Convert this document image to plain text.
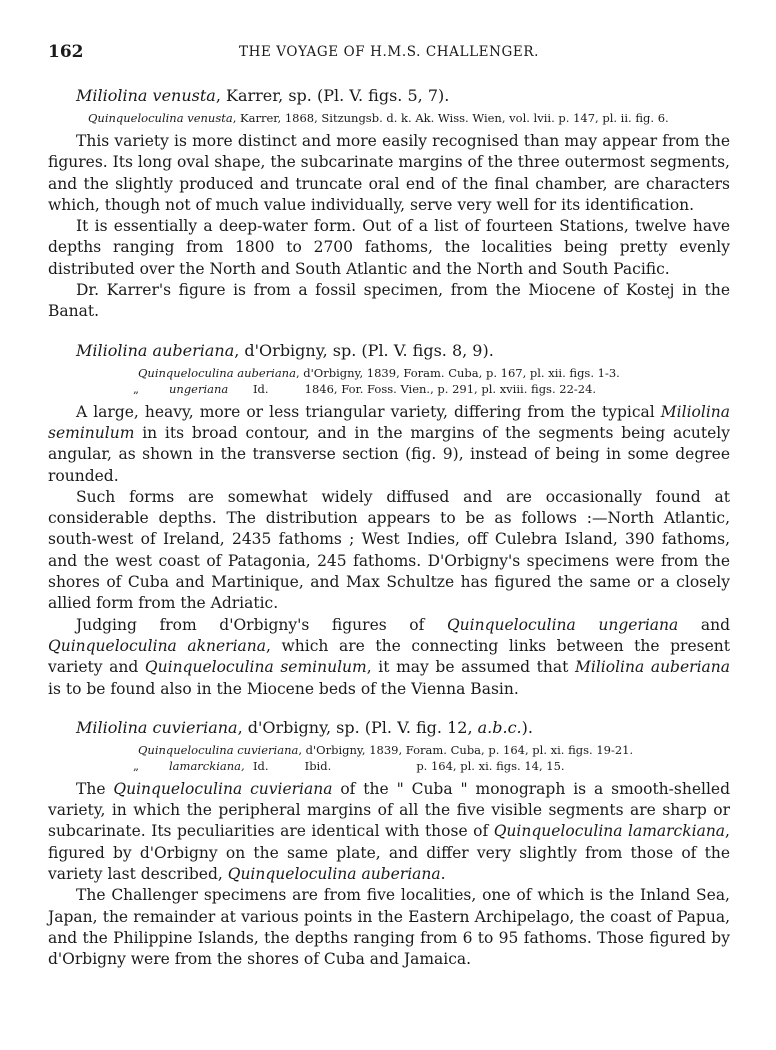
162	THE VOYAGE OF H.M.S. CHALLENGER.
Miliolina venusta, Karrer, sp. (Pl. V. figs. 5, 7).
Quinqueloculina venusta, Karrer, 1868, Sitzungsb. d. k. Ak. Wiss. Wien, vol. lvii. p. 147, pl. ii. fig. 6.

This variety is more distinct and more easily recognised than may appear from the figures. Its long oval shape, the subcarinate margins of the three outermost segments, and the slightly produced and truncate oral end of the final chamber, are characters which, though not of much value individually, serve very well for its identification.

It is essentially a deep-water form. Out of a list of fourteen Stations, twelve have depths ranging from 1800 to 2700 fathoms, the localities being pretty evenly distributed over the North and South Atlantic and the North and South Pacific.

Dr. Karrer's figure is from a fossil specimen, from the Miocene of Kostej in the Banat.

Miliolina auberiana, d'Orbigny, sp. (Pl. V. figs. 8, 9).
Quinqueloculina auberiana, d'Orbigny, 1839, Foram. Cuba, p. 167, pl. xii. figs. 1-3.
„	ungeriana Id.	1846, For. Foss. Vien., p. 291, pl. xviii. figs. 22-24.

A large, heavy, more or less triangular variety, differing from the typical Miliolina seminulum in its broad contour, and in the margins of the segments being acutely angular, as shown in the transverse section (fig. 9), instead of being in some degree rounded.

Such forms are somewhat widely diffused and are occasionally found at considerable depths. The distribution appears to be as follows :—North Atlantic, south-west of Ireland, 2435 fathoms ; West Indies, off Culebra Island, 390 fathoms, and the west coast of Patagonia, 245 fathoms. D'Orbigny's specimens were from the shores of Cuba and Martinique, and Max Schultze has figured the same or a closely allied form from the Adriatic.

Judging from d'Orbigny's figures of Quinqueloculina ungeriana and Quinqueloculina akneriana, which are the connecting links between the present variety and Quinqueloculina seminulum, it may be assumed that Miliolina auberiana is to be found also in the Miocene beds of the Vienna Basin.

Miliolina cuvieriana, d'Orbigny, sp. (Pl. V. fig. 12, a.b.c.).
Quinqueloculina cuvieriana, d'Orbigny, 1839, Foram. Cuba, p. 164, pl. xi. figs. 19-21.
„	lamarckiana, Id.	Ibid.	p. 164, pl. xi. figs. 14, 15.

The Quinqueloculina cuvieriana of the " Cuba " monograph is a smooth-shelled variety, in which the peripheral margins of all the five visible segments are sharp or subcarinate. Its peculiarities are identical with those of Quinqueloculina lamarckiana, figured by d'Orbigny on the same plate, and differ very slightly from those of the variety last described, Quinqueloculina auberiana.

The Challenger specimens are from five localities, one of which is the Inland Sea, Japan, the remainder at various points in the Eastern Archipelago, the coast of Papua, and the Philippine Islands, the depths ranging from 6 to 95 fathoms. Those figured by d'Orbigny were from the shores of Cuba and Jamaica.
